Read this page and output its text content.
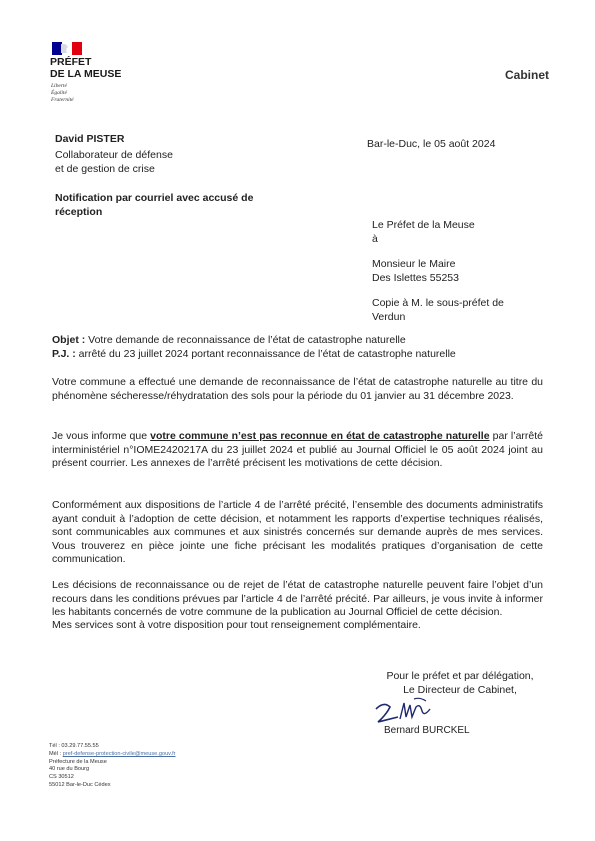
PRÉFET
DE LA MEUSE
Liberté
Égalité
Fraternité
Cabinet
David PISTER
Collaborateur de défense
et de gestion de crise
Notification par courriel avec accusé de réception
Bar-le-Duc, le 05 août 2024
Le Préfet de la Meuse
à
Monsieur le Maire
Des Islettes 55253
Copie à M. le sous-préfet de
Verdun
Objet : Votre demande de reconnaissance de l’état de catastrophe naturelle
P.J. : arrêté du 23 juillet 2024 portant reconnaissance de l’état de catastrophe naturelle
Votre commune a effectué une demande de reconnaissance de l’état de catastrophe naturelle au titre du phénomène sécheresse/réhydratation des sols pour la période du 01 janvier au 31 décembre 2023.
Je vous informe que votre commune n’est pas reconnue en état de catastrophe naturelle par l’arrêté interministériel n°IOME2420217A du 23 juillet 2024 et publié au Journal Officiel le 05 août 2024 joint au présent courrier. Les annexes de l’arrêté précisent les motivations de cette décision.
Conformément aux dispositions de l’article 4 de l’arrêté précité, l’ensemble des documents administratifs ayant conduit à l’adoption de cette décision, et notamment les rapports d’expertise techniques réalisés, sont communicables aux communes et aux sinistrés concernés sur demande auprès de mes services. Vous trouverez en pièce jointe une fiche précisant les modalités pratiques d’organisation de cette communication.
Les décisions de reconnaissance ou de rejet de l’état de catastrophe naturelle peuvent faire l’objet d’un recours dans les conditions prévues par l’article 4 de l’arrêté précité. Par ailleurs, je vous invite à informer les habitants concernés de votre commune de la publication au Journal Officiel de cette décision.
Mes services sont à votre disposition pour tout renseignement complémentaire.
Pour le préfet et par délégation,
Le Directeur de Cabinet,
Bernard BURCKEL
Tél : 03.29.77.55.55
Mél : pref-defense-protection-civile@meuse.gouv.fr
Préfecture de la Meuse
40 rue du Bourg
CS 30512
55012 Bar-le-Duc Cédex
